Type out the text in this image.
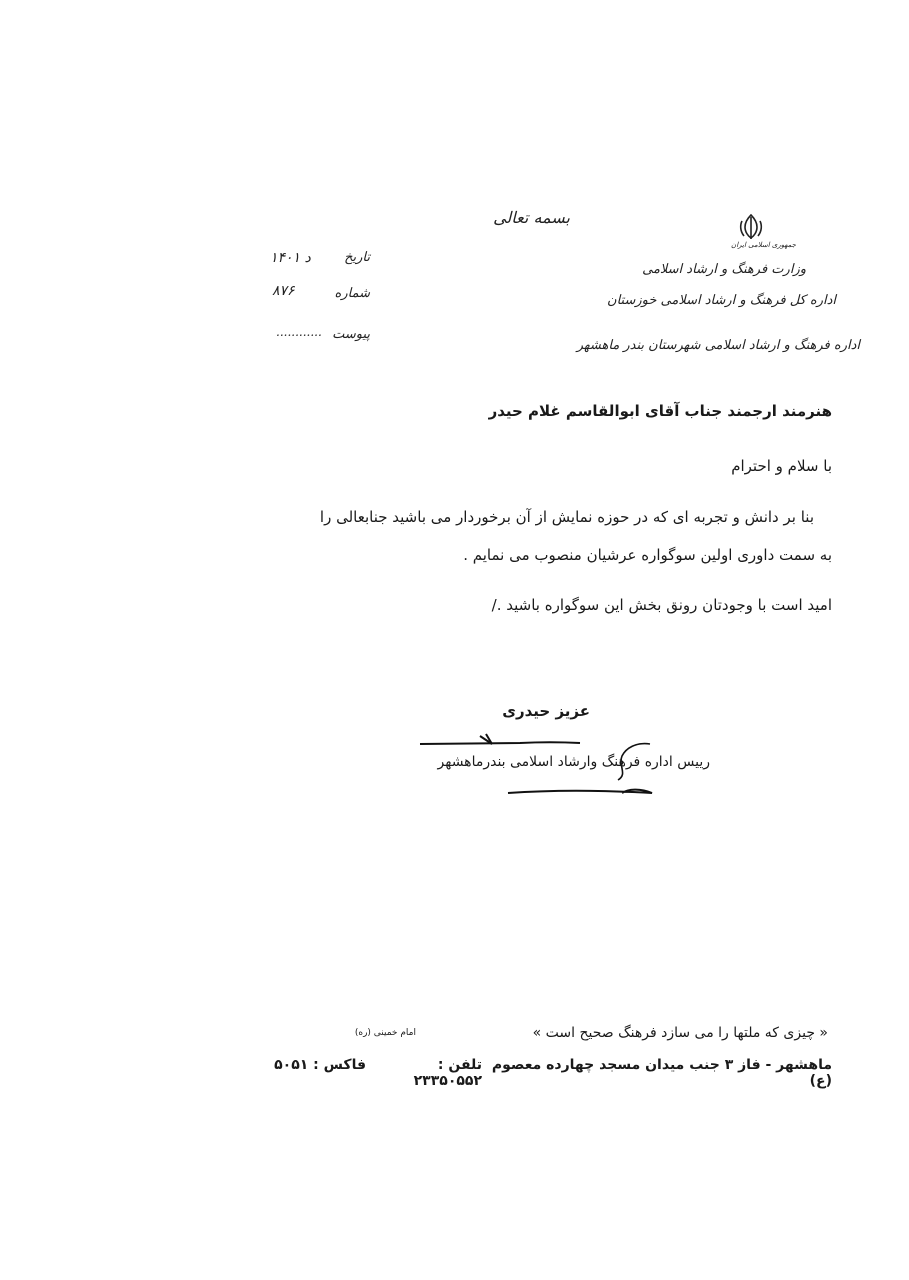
بسمه تعالی
جمهوری اسلامی ایران
وزارت فرهنگ و ارشاد اسلامی
اداره کل فرهنگ و ارشاد اسلامی خوزستان
اداره فرهنگ و ارشاد اسلامی شهرستان بندر ماهشهر
تاریخ
د ۱۴۰۱
شماره
۸۷۶
پیوست
............
هنرمند ارجمند جناب آقای ابوالقاسم غلام حیدر
با سلام و احترام
بنا بر دانش و تجربه ای که در حوزه نمایش از آن برخوردار می باشید جنابعالی را
به سمت داوری اولین سوگواره عرشیان منصوب می نمایم .
امید است با وجودتان رونق بخش این سوگواره باشید ./
عزیز حیدری
رییس اداره فرهنگ وارشاد اسلامی بندرماهشهر
« چیزی که ملتها را می سازد فرهنگ صحیح است »
امام خمینی (ره)
ماهشهر - فاز ۳ جنب میدان مسجد چهارده معصوم (ع)
تلفن : ۲۳۳۵۰۵۵۲
فاکس : ۵۰۵۱
